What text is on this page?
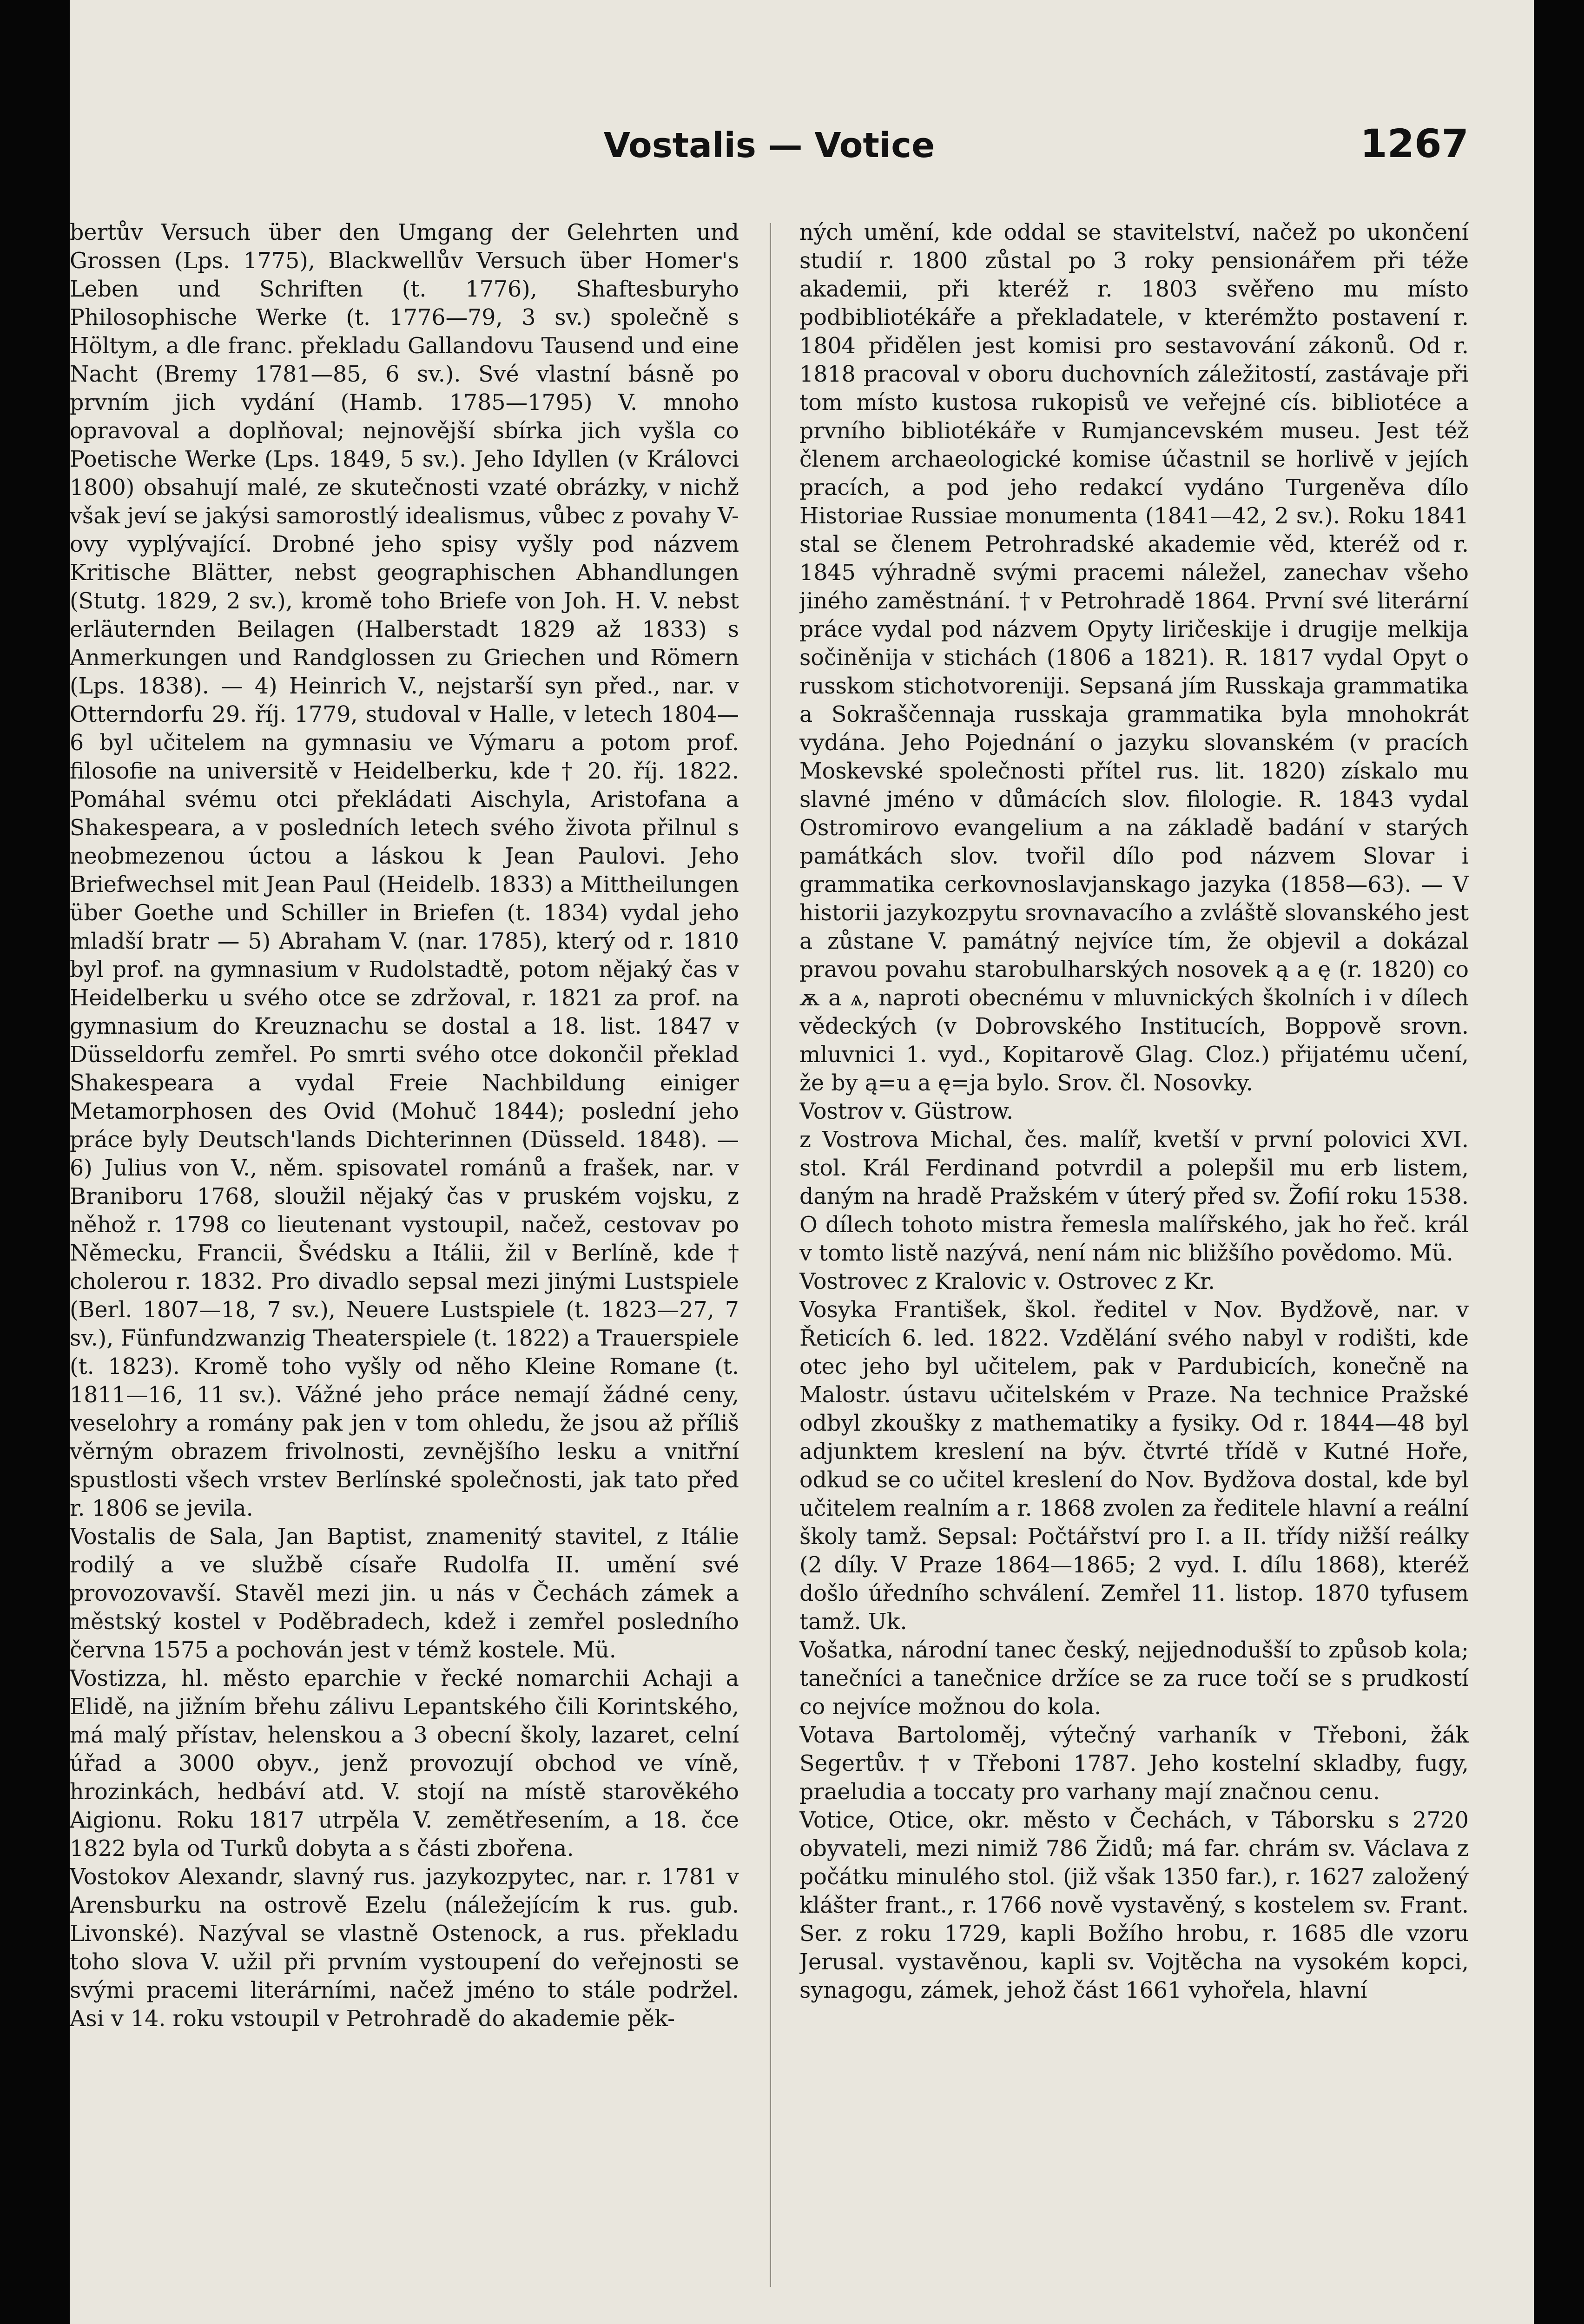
Vostalis — Votice	1267

bertův Versuch über den Umgang der Gelehrten und Grossen (Lps. 1775), Blackwellův Versuch über Homer's Leben und Schriften (t. 1776), Shaftesburyho Philosophische Werke (t. 1776—79, 3 sv.) společně s Höltym, a dle franc. překladu Gallandovu Tausend und eine Nacht (Bremy 1781—85, 6 sv.). Své vlastní básně po prvním jich vydání (Hamb. 1785—1795) V. mnoho opravoval a doplňoval; nejnovější sbírka jich vyšla co Poetische Werke (Lps. 1849, 5 sv.). Jeho Idyllen (v Královci 1800) obsahují malé, ze skutečnosti vzaté obrázky, v nichž však jeví se jakýsi samorostlý idealismus, vůbec z povahy V-ovy vyplývající. Drobné jeho spisy vyšly pod názvem Kritische Blätter, nebst geographischen Abhandlungen (Stutg. 1829, 2 sv.), kromě toho Briefe von Joh. H. V. nebst erläuternden Beilagen (Halberstadt 1829 až 1833) s Anmerkungen und Randglossen zu Griechen und Römern (Lps. 1838). — 4) Heinrich V., nejstarší syn před., nar. v Otterndorfu 29. říj. 1779, studoval v Halle, v letech 1804—6 byl učitelem na gymnasiu ve Výmaru a potom prof. filosofie na universitě v Heidelberku, kde † 20. říj. 1822. Pomáhal svému otci překládati Aischyla, Aristofana a Shakespeara, a v posledních letech svého života přilnul s neobmezenou úctou a láskou k Jean Paulovi. Jeho Briefwechsel mit Jean Paul (Heidelb. 1833) a Mittheilungen über Goethe und Schiller in Briefen (t. 1834) vydal jeho mladší bratr — 5) Abraham V. (nar. 1785), který od r. 1810 byl prof. na gymnasium v Rudolstadtě, potom nějaký čas v Heidelberku u svého otce se zdržoval, r. 1821 za prof. na gymnasium do Kreuznachu se dostal a 18. list. 1847 v Düsseldorfu zemřel. Po smrti svého otce dokončil překlad Shakespeara a vydal Freie Nachbildung einiger Metamorphosen des Ovid (Mohuč 1844); poslední jeho práce byly Deutsch'lands Dichterinnen (Düsseld. 1848). — 6) Julius von V., něm. spisovatel románů a frašek, nar. v Braniboru 1768, sloužil nějaký čas v pruském vojsku, z něhož r. 1798 co lieutenant vystoupil, načež, cestovav po Německu, Francii, Švédsku a Itálii, žil v Berlíně, kde † cholerou r. 1832. Pro divadlo sepsal mezi jinými Lustspiele (Berl. 1807—18, 7 sv.), Neuere Lustspiele (t. 1823—27, 7 sv.), Fünfundzwanzig Theaterspiele (t. 1822) a Trauerspiele (t. 1823). Kromě toho vyšly od něho Kleine Romane (t. 1811—16, 11 sv.). Vážné jeho práce nemají žádné ceny, veselohry a romány pak jen v tom ohledu, že jsou až příliš věrným obrazem frivolnosti, zevnějšího lesku a vnitřní spustlosti všech vrstev Berlínské společnosti, jak tato před r. 1806 se jevila.

Vostalis de Sala, Jan Baptist, znamenitý stavitel, z Itálie rodilý a ve službě císaře Rudolfa II. umění své provozovavší. Stavěl mezi jin. u nás v Čechách zámek a městský kostel v Poděbradech, kdež i zemřel posledního června 1575 a pochován jest v témž kostele. Mü.

Vostizza, hl. město eparchie v řecké nomarchii Achaji a Elidě, na jižním břehu zálivu Lepantského čili Korintského, má malý přístav, helenskou a 3 obecní školy, lazaret, celní úřad a 3000 obyv., jenž provozují obchod ve víně, hrozinkách, hedbáví atd. V. stojí na místě starověkého Aigionu. Roku 1817 utrpěla V. zemětřesením, a 18. čce 1822 byla od Turků dobyta a s části zbořena.

Vostokov Alexandr, slavný rus. jazykozpytec, nar. r. 1781 v Arensburku na ostrově Ezelu (náležejícím k rus. gub. Livonské). Nazýval se vlastně Ostenock, a rus. překladu toho slova V. užil při prvním vystoupení do veřejnosti se svými pracemi literárními, načež jméno to stále podržel. Asi v 14. roku vstoupil v Petrohradě do akademie pěk-

ných umění, kde oddal se stavitelství, načež po ukončení studií r. 1800 zůstal po 3 roky pensionářem při téže akademii, při kteréž r. 1803 svěřeno mu místo podbibliotékáře a překladatele, v kterémžto postavení r. 1804 přidělen jest komisi pro sestavování zákonů. Od r. 1818 pracoval v oboru duchovních záležitostí, zastávaje při tom místo kustosa rukopisů ve veřejné cís. bibliotéce a prvního bibliotékáře v Rumjancevském museu. Jest též členem archaeologické komise účastnil se horlivě v jejích pracích, a pod jeho redakcí vydáno Turgeněva dílo Historiae Russiae monumenta (1841—42, 2 sv.). Roku 1841 stal se členem Petrohradské akademie věd, kteréž od r. 1845 výhradně svými pracemi náležel, zanechav všeho jiného zaměstnání. † v Petrohradě 1864. První své literární práce vydal pod názvem Opyty liričeskije i drugije melkija sočiněnija v stichách (1806 a 1821). R. 1817 vydal Opyt o russkom stichotvoreniji. Sepsaná jím Russkaja grammatika a Sokraščennaja russkaja grammatika byla mnohokrát vydána. Jeho Pojednání o jazyku slovanském (v pracích Moskevské společnosti přítel rus. lit. 1820) získalo mu slavné jméno v důmácích slov. filologie. R. 1843 vydal Ostromirovo evangelium a na základě badání v starých památkách slov. tvořil dílo pod názvem Slovar i grammatika cerkovnoslavjanskago jazyka (1858—63). — V historii jazykozpytu srovnavacího a zvláště slovanského jest a zůstane V. památný nejvíce tím, že objevil a dokázal pravou povahu starobulharských nosovek ą a ę (r. 1820) co ѫ a ѧ, naproti obecnému v mluvnických školních i v dílech vědeckých (v Dobrovského Institucích, Boppově srovn. mluvnici 1. vyd., Kopitarově Glag. Cloz.) přijatému učení, že by ą=u a ę=ja bylo. Srov. čl. Nosovky.

Vostrov v. Güstrow.

z Vostrova Michal, čes. malíř, kvetší v první polovici XVI. stol. Král Ferdinand potvrdil a polepšil mu erb listem, daným na hradě Pražském v úterý před sv. Žofií roku 1538. O dílech tohoto mistra řemesla malířského, jak ho řeč. král v tomto listě nazývá, není nám nic bližšího povědomo. Mü.

Vostrovec z Kralovic v. Ostrovec z Kr.

Vosyka František, škol. ředitel v Nov. Bydžově, nar. v Řeticích 6. led. 1822. Vzdělání svého nabyl v rodišti, kde otec jeho byl učitelem, pak v Pardubicích, konečně na Malostr. ústavu učitelském v Praze. Na technice Pražské odbyl zkoušky z mathematiky a fysiky. Od r. 1844—48 byl adjunktem kreslení na býv. čtvrté třídě v Kutné Hoře, odkud se co učitel kreslení do Nov. Bydžova dostal, kde byl učitelem realním a r. 1868 zvolen za ředitele hlavní a reální školy tamž. Sepsal: Počtářství pro I. a II. třídy nižší reálky (2 díly. V Praze 1864—1865; 2 vyd. I. dílu 1868), kteréž došlo úředního schválení. Zemřel 11. listop. 1870 tyfusem tamž. Uk.

Vošatka, národní tanec český, nejjednodušší to způsob kola; tanečníci a tanečnice držíce se za ruce točí se s prudkostí co nejvíce možnou do kola.

Votava Bartoloměj, výtečný varhaník v Třeboni, žák Segertův. † v Třeboni 1787. Jeho kostelní skladby, fugy, praeludia a toccaty pro varhany mají značnou cenu.

Votice, Otice, okr. město v Čechách, v Táborsku s 2720 obyvateli, mezi nimiž 786 Židů; má far. chrám sv. Václava z počátku minulého stol. (již však 1350 far.), r. 1627 založený klášter frant., r. 1766 nově vystavěný, s kostelem sv. Frant. Ser. z roku 1729, kapli Božího hrobu, r. 1685 dle vzoru Jerusal. vystavěnou, kapli sv. Vojtěcha na vysokém kopci, synagogu, zámek, jehož část 1661 vyhořela, hlavní
